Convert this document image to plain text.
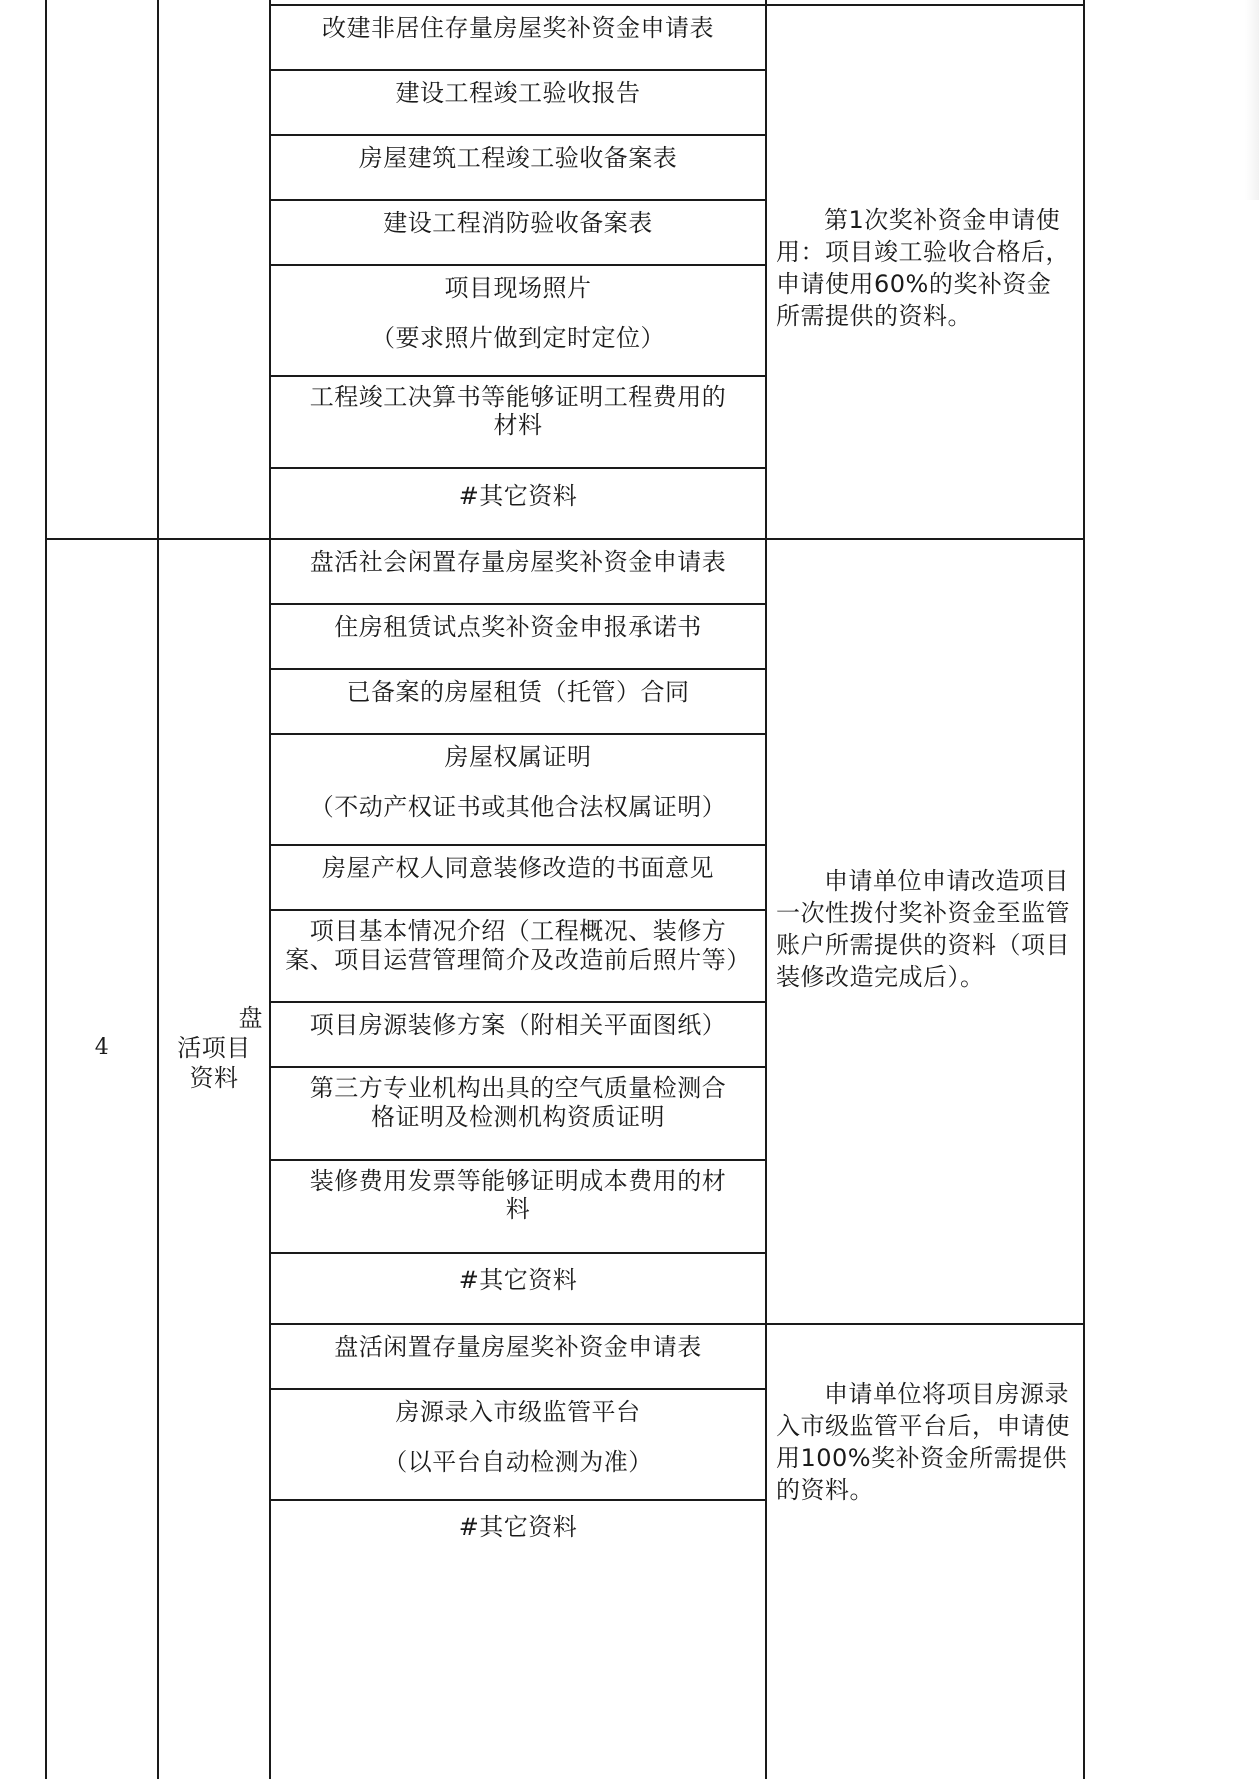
改建非居住存量房屋奖补资金申请表
建设工程竣工验收报告
房屋建筑工程竣工验收备案表
建设工程消防验收备案表
项目现场照片
（要求照片做到定时定位）
工程竣工决算书等能够证明工程费用的
材料
#其它资料
第1次奖补资金申请使用：项目竣工验收合格后，申请使用60%的奖补资金所需提供的资料。
盘活社会闲置存量房屋奖补资金申请表
住房租赁试点奖补资金申报承诺书
已备案的房屋租赁（托管）合同
房屋权属证明
（不动产权证书或其他合法权属证明）
房屋产权人同意装修改造的书面意见
项目基本情况介绍（工程概况、装修方
案、项目运营管理简介及改造前后照片等）
项目房源装修方案（附相关平面图纸）
第三方专业机构出具的空气质量检测合
格证明及检测机构资质证明
装修费用发票等能够证明成本费用的材
料
#其它资料
申请单位申请改造项目一次性拨付奖补资金至监管账户所需提供的资料（项目装修改造完成后）。
盘活闲置存量房屋奖补资金申请表
房源录入市级监管平台
（以平台自动检测为准）
#其它资料
申请单位将项目房源录入市级监管平台后，申请使用100%奖补资金所需提供的资料。
4
盘
活项目
资料
